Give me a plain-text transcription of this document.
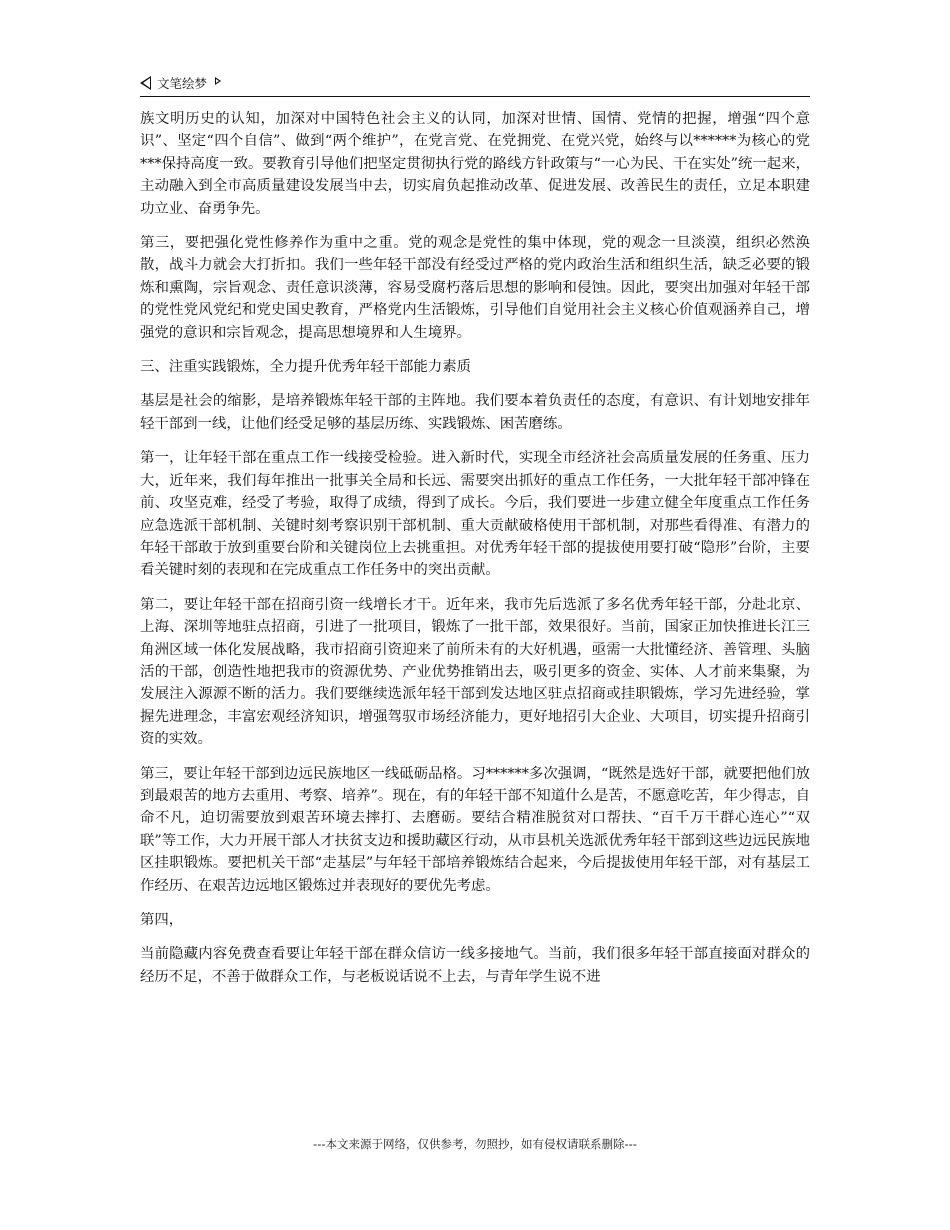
文笔绘梦

族文明历史的认知，加深对中国特色社会主义的认同，加深对世情、国情、党情的把握，增强“四个意识”、坚定“四个自信”、做到“两个维护”，在党言党、在党拥党、在党兴党，始终与以******为核心的党***保持高度一致。要教育引导他们把坚定贯彻执行党的路线方针政策与“一心为民、干在实处”统一起来，主动融入到全市高质量建设发展当中去，切实肩负起推动改革、促进发展、改善民生的责任，立足本职建功立业、奋勇争先。

第三，要把强化党性修养作为重中之重。党的观念是党性的集中体现，党的观念一旦淡漠，组织必然涣散，战斗力就会大打折扣。我们一些年轻干部没有经受过严格的党内政治生活和组织生活，缺乏必要的锻炼和熏陶，宗旨观念、责任意识淡薄，容易受腐朽落后思想的影响和侵蚀。因此，要突出加强对年轻干部的党性党风党纪和党史国史教育，严格党内生活锻炼，引导他们自觉用社会主义核心价值观涵养自己，增强党的意识和宗旨观念，提高思想境界和人生境界。

三、注重实践锻炼，全力提升优秀年轻干部能力素质

基层是社会的缩影，是培养锻炼年轻干部的主阵地。我们要本着负责任的态度，有意识、有计划地安排年轻干部到一线，让他们经受足够的基层历练、实践锻炼、困苦磨练。

第一，让年轻干部在重点工作一线接受检验。进入新时代，实现全市经济社会高质量发展的任务重、压力大，近年来，我们每年推出一批事关全局和长远、需要突出抓好的重点工作任务，一大批年轻干部冲锋在前、攻坚克难，经受了考验，取得了成绩，得到了成长。今后，我们要进一步建立健全年度重点工作任务应急选派干部机制、关键时刻考察识别干部机制、重大贡献破格使用干部机制，对那些看得准、有潜力的年轻干部敢于放到重要台阶和关键岗位上去挑重担。对优秀年轻干部的提拔使用要打破“隐形”台阶，主要看关键时刻的表现和在完成重点工作任务中的突出贡献。

第二，要让年轻干部在招商引资一线增长才干。近年来，我市先后选派了多名优秀年轻干部，分赴北京、上海、深圳等地驻点招商，引进了一批项目，锻炼了一批干部，效果很好。当前，国家正加快推进长江三角洲区域一体化发展战略，我市招商引资迎来了前所未有的大好机遇，亟需一大批懂经济、善管理、头脑活的干部，创造性地把我市的资源优势、产业优势推销出去，吸引更多的资金、实体、人才前来集聚，为发展注入源源不断的活力。我们要继续选派年轻干部到发达地区驻点招商或挂职锻炼，学习先进经验，掌握先进理念，丰富宏观经济知识，增强驾驭市场经济能力，更好地招引大企业、大项目，切实提升招商引资的实效。

第三，要让年轻干部到边远民族地区一线砥砺品格。习******多次强调，“既然是选好干部，就要把他们放到最艰苦的地方去重用、考察、培养”。现在，有的年轻干部不知道什么是苦，不愿意吃苦，年少得志，自命不凡，迫切需要放到艰苦环境去摔打、去磨砺。要结合精准脱贫对口帮扶、“百千万干群心连心”“双联”等工作，大力开展干部人才扶贫支边和援助藏区行动，从市县机关选派优秀年轻干部到这些边远民族地区挂职锻炼。要把机关干部“走基层”与年轻干部培养锻炼结合起来，今后提拔使用年轻干部，对有基层工作经历、在艰苦边远地区锻炼过并表现好的要优先考虑。

第四，

当前隐藏内容免费查看要让年轻干部在群众信访一线多接地气。当前，我们很多年轻干部直接面对群众的经历不足，不善于做群众工作，与老板说话说不上去，与青年学生说不进

---本文来源于网络，仅供参考，勿照抄，如有侵权请联系删除---
